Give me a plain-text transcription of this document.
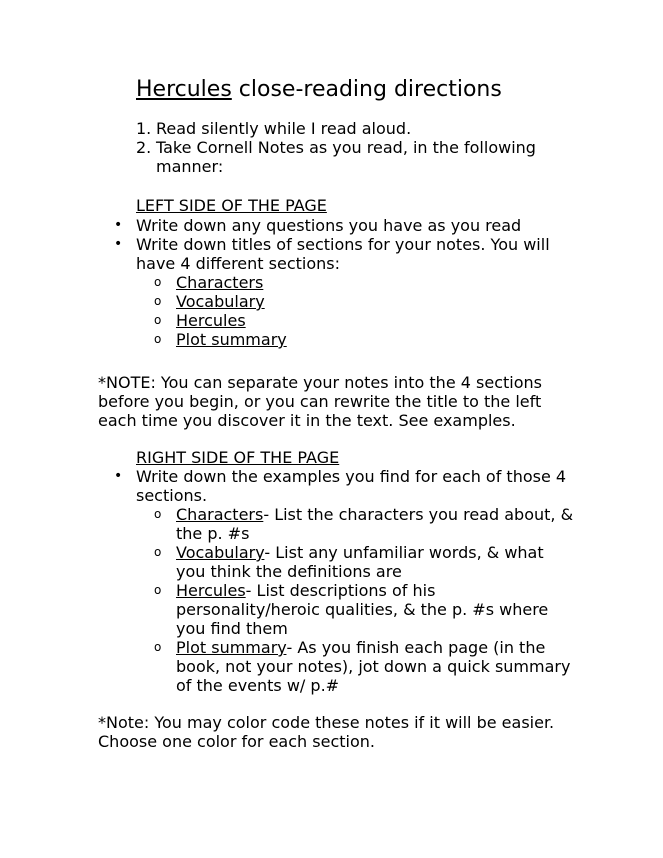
Hercules close-reading directions
1. Read silently while I read aloud.
2. Take Cornell Notes as you read, in the following manner:
LEFT SIDE OF THE PAGE
• Write down any questions you have as you read
• Write down titles of sections for your notes. You will have 4 different sections:
o Characters
o Vocabulary
o Hercules
o Plot summary
*NOTE: You can separate your notes into the 4 sections before you begin, or you can rewrite the title to the left each time you discover it in the text. See examples.
RIGHT SIDE OF THE PAGE
• Write down the examples you find for each of those 4 sections.
o Characters- List the characters you read about, & the p. #s
o Vocabulary- List any unfamiliar words, & what you think the definitions are
o Hercules- List descriptions of his personality/heroic qualities, & the p. #s where you find them
o Plot summary- As you finish each page (in the book, not your notes), jot down a quick summary of the events w/ p.#
*Note: You may color code these notes if it will be easier. Choose one color for each section.
